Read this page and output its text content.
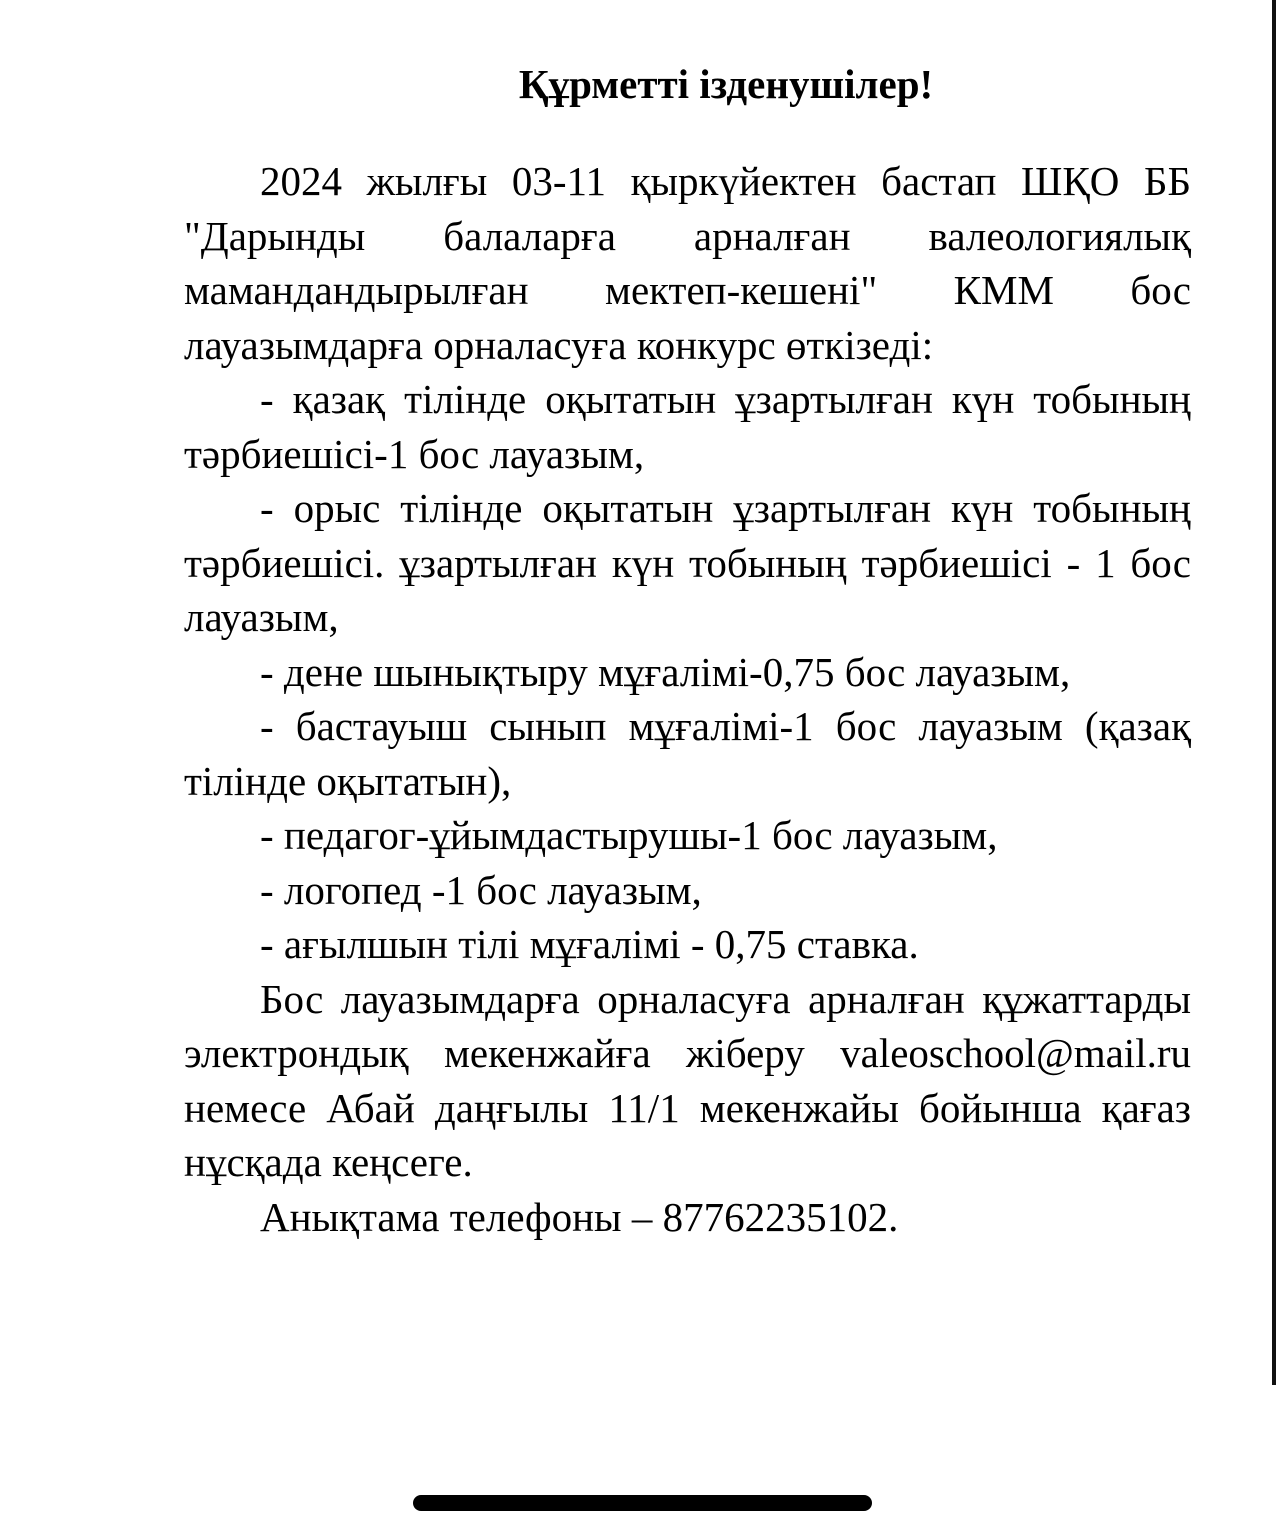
Құрметті ізденушілер!

2024 жылғы 03-11 қыркүйектен бастап ШҚО ББ "Дарынды балаларға арналған валеологиялық мамандандырылған мектеп-кешені" КММ бос лауазымдарға орналасуға конкурс өткізеді:

- қазақ тілінде оқытатын ұзартылған күн тобының тәрбиешісі-1 бос лауазым,

- орыс тілінде оқытатын ұзартылған күн тобының тәрбиешісі. ұзартылған күн тобының тәрбиешісі - 1 бос лауазым,

- дене шынықтыру мұғалімі-0,75 бос лауазым,

- бастауыш сынып мұғалімі-1 бос лауазым (қазақ тілінде оқытатын),

- педагог-ұйымдастырушы-1 бос лауазым,

- логопед -1 бос лауазым,

- ағылшын тілі мұғалімі - 0,75 ставка.

Бос лауазымдарға орналасуға арналған құжаттарды электрондық мекенжайға жіберу valeoschool@mail.ru немесе Абай даңғылы 11/1 мекенжайы бойынша қағаз нұсқада кеңсеге.

Анықтама телефоны – 87762235102.
